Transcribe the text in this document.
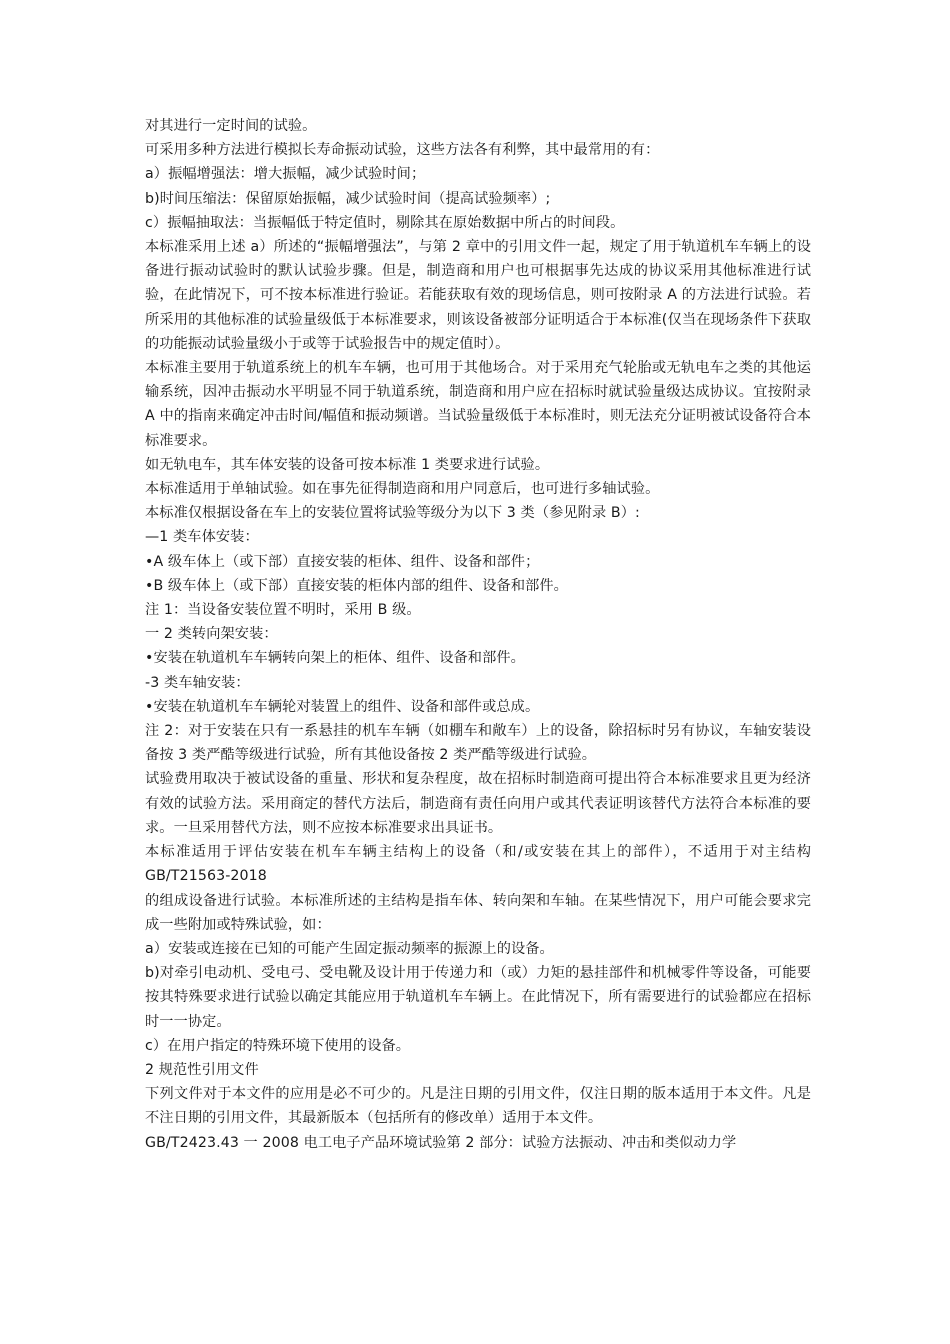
对其进行一定时间的试验。

可采用多种方法进行模拟长寿命振动试验，这些方法各有利弊，其中最常用的有：

a）振幅增强法：增大振幅，减少试验时间；

b)时间压缩法：保留原始振幅，减少试验时间（提高试验频率）;

c）振幅抽取法：当振幅低于特定值时，剔除其在原始数据中所占的时间段。

本标准采用上述 a）所述的“振幅增强法”，与第 2 章中的引用文件一起，规定了用于轨道机车车辆上的设备进行振动试验时的默认试验步骤。但是，制造商和用户也可根据事先达成的协议采用其他标准进行试验，在此情况下，可不按本标准进行验证。若能获取有效的现场信息，则可按附录 A 的方法进行试验。若所采用的其他标准的试验量级低于本标准要求，则该设备被部分证明适合于本标准(仅当在现场条件下获取的功能振动试验量级小于或等于试验报告中的规定值时）。

本标准主要用于轨道系统上的机车车辆，也可用于其他场合。对于采用充气轮胎或无轨电车之类的其他运输系统，因冲击振动水平明显不同于轨道系统，制造商和用户应在招标时就试验量级达成协议。宜按附录 A 中的指南来确定冲击时间/幅值和振动频谱。当试验量级低于本标准时，则无法充分证明被试设备符合本标准要求。

如无轨电车，其车体安装的设备可按本标准 1 类要求进行试验。

本标准适用于单轴试验。如在事先征得制造商和用户同意后，也可进行多轴试验。

本标准仅根据设备在车上的安装位置将试验等级分为以下 3 类（参见附录 B）:

—1 类车体安装：

•A 级车体上（或下部）直接安装的柜体、组件、设备和部件；

•B 级车体上（或下部）直接安装的柜体内部的组件、设备和部件。

注 1：当设备安装位置不明时，采用 B 级。

一 2 类转向架安装：

•安装在轨道机车车辆转向架上的柜体、组件、设备和部件。

-3 类车轴安装：

•安装在轨道机车车辆轮对装置上的组件、设备和部件或总成。

注 2：对于安装在只有一系悬挂的机车车辆（如棚车和敞车）上的设备，除招标时另有协议，车轴安装设备按 3 类严酷等级进行试验，所有其他设备按 2 类严酷等级进行试验。

试验费用取决于被试设备的重量、形状和复杂程度，故在招标时制造商可提出符合本标准要求且更为经济有效的试验方法。采用商定的替代方法后，制造商有责任向用户或其代表证明该替代方法符合本标准的要求。一旦采用替代方法，则不应按本标准要求出具证书。

本标准适用于评估安装在机车车辆主结构上的设备（和/或安装在其上的部件），不适用于对主结构 GB/T21563-2018

的组成设备进行试验。本标准所述的主结构是指车体、转向架和车轴。在某些情况下，用户可能会要求完成一些附加或特殊试验，如：

a）安装或连接在已知的可能产生固定振动频率的振源上的设备。

b)对牵引电动机、受电弓、受电靴及设计用于传递力和（或）力矩的悬挂部件和机械零件等设备，可能要按其特殊要求进行试验以确定其能应用于轨道机车车辆上。在此情况下，所有需要进行的试验都应在招标时一一协定。

c）在用户指定的特殊环境下使用的设备。

2 规范性引用文件

下列文件对于本文件的应用是必不可少的。凡是注日期的引用文件，仅注日期的版本适用于本文件。凡是不注日期的引用文件，其最新版本（包括所有的修改单）适用于本文件。

GB/T2423.43 一 2008 电工电子产品环境试验第 2 部分：试验方法振动、冲击和类似动力学
